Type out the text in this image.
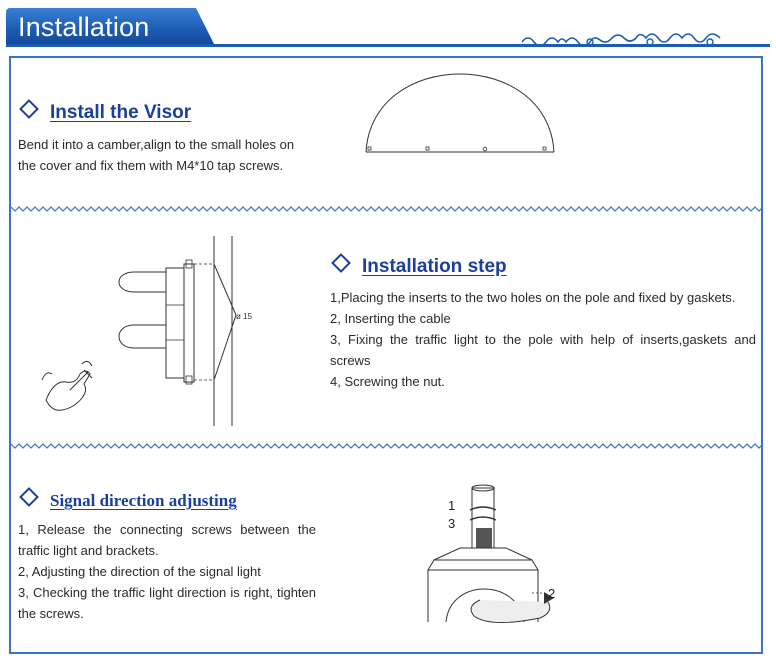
Installation
Install the Visor
Bend it into a camber,align to the small holes on
the cover and fix them with M4*10 tap screws.
ø 15
Installation step
1,Placing the inserts to the two holes on the pole and fixed by gaskets.
2, Inserting the cable
3, Fixing the traffic light to the pole with help of inserts,gaskets and screws
4, Screwing the nut.
Signal direction adjusting
1, Release the connecting screws between the traffic light and brackets.
2, Adjusting the direction of the signal light
3, Checking the traffic light direction is right, tighten the screws.
1
3
2
